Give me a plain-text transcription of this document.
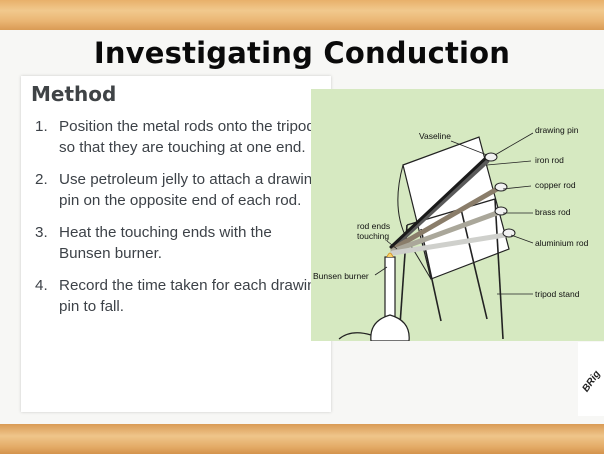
Investigating Conduction
Method
1. Position the metal rods onto the tripod so that they are touching at one end.
2. Use petroleum jelly to attach a drawing pin on the opposite end of each rod.
3. Heat the touching ends with the Bunsen burner.
4. Record the time taken for each drawing pin to fall.
Vaseline
drawing pin
iron rod
copper rod
brass rod
aluminium rod
rod ends
touching
Bunsen burner
tripod stand
BRig
